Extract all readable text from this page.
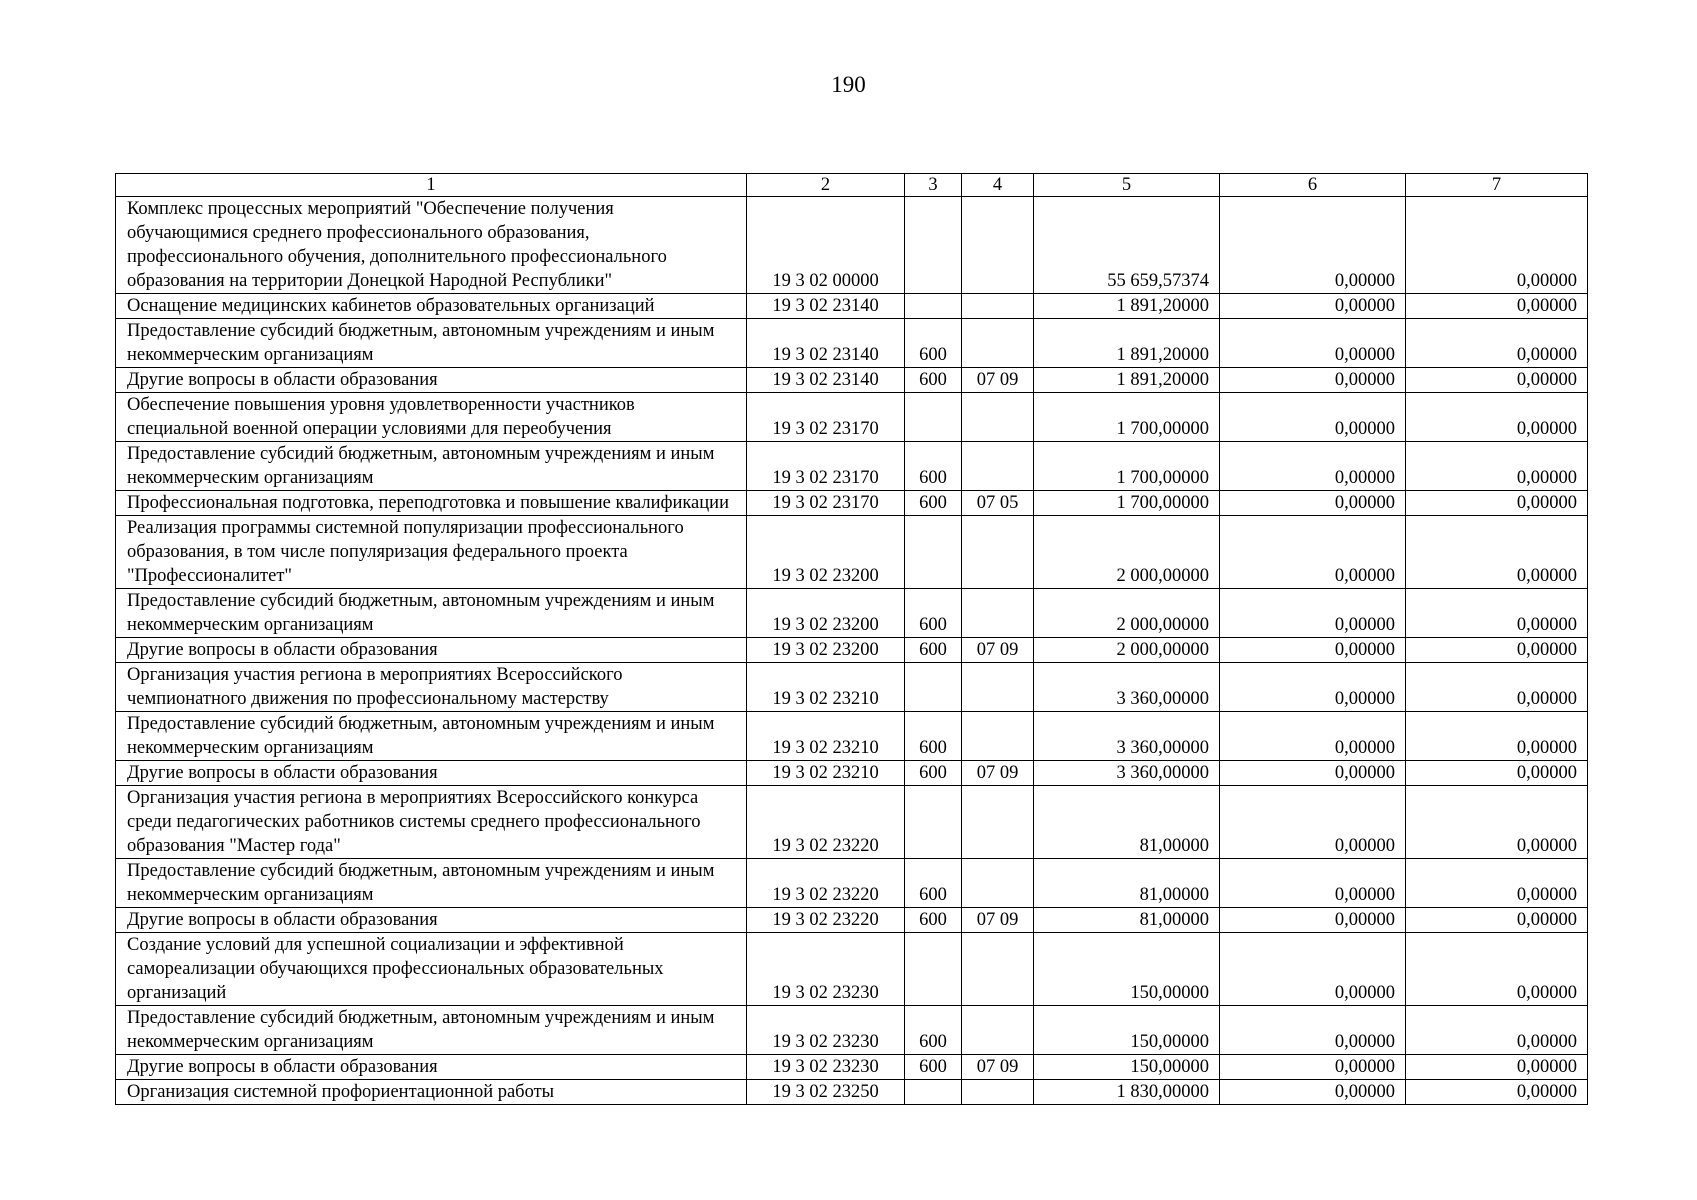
190
1	2	3	4	5	6	7
Комплекс процессных мероприятий "Обеспечение получения обучающимися среднего профессионального образования, профессионального обучения, дополнительного профессионального образования на территории Донецкой Народной Республики"	19 3 02 00000			55 659,57374	0,00000	0,00000
Оснащение медицинских кабинетов образовательных организаций	19 3 02 23140			1 891,20000	0,00000	0,00000
Предоставление субсидий бюджетным, автономным учреждениям и иным некоммерческим организациям	19 3 02 23140	600		1 891,20000	0,00000	0,00000
Другие вопросы в области образования	19 3 02 23140	600	07 09	1 891,20000	0,00000	0,00000
Обеспечение повышения уровня удовлетворенности участников специальной военной операции условиями для переобучения	19 3 02 23170			1 700,00000	0,00000	0,00000
Предоставление субсидий бюджетным, автономным учреждениям и иным некоммерческим организациям	19 3 02 23170	600		1 700,00000	0,00000	0,00000
Профессиональная подготовка, переподготовка и повышение квалификации	19 3 02 23170	600	07 05	1 700,00000	0,00000	0,00000
Реализация программы системной популяризации профессионального образования, в том числе популяризация федерального проекта "Профессионалитет"	19 3 02 23200			2 000,00000	0,00000	0,00000
Предоставление субсидий бюджетным, автономным учреждениям и иным некоммерческим организациям	19 3 02 23200	600		2 000,00000	0,00000	0,00000
Другие вопросы в области образования	19 3 02 23200	600	07 09	2 000,00000	0,00000	0,00000
Организация участия региона в мероприятиях Всероссийского чемпионатного движения по профессиональному мастерству	19 3 02 23210			3 360,00000	0,00000	0,00000
Предоставление субсидий бюджетным, автономным учреждениям и иным некоммерческим организациям	19 3 02 23210	600		3 360,00000	0,00000	0,00000
Другие вопросы в области образования	19 3 02 23210	600	07 09	3 360,00000	0,00000	0,00000
Организация участия региона в мероприятиях Всероссийского конкурса среди педагогических работников системы среднего профессионального образования "Мастер года"	19 3 02 23220			81,00000	0,00000	0,00000
Предоставление субсидий бюджетным, автономным учреждениям и иным некоммерческим организациям	19 3 02 23220	600		81,00000	0,00000	0,00000
Другие вопросы в области образования	19 3 02 23220	600	07 09	81,00000	0,00000	0,00000
Создание условий для успешной социализации и эффективной самореализации обучающихся профессиональных образовательных организаций	19 3 02 23230			150,00000	0,00000	0,00000
Предоставление субсидий бюджетным, автономным учреждениям и иным некоммерческим организациям	19 3 02 23230	600		150,00000	0,00000	0,00000
Другие вопросы в области образования	19 3 02 23230	600	07 09	150,00000	0,00000	0,00000
Организация системной профориентационной работы	19 3 02 23250			1 830,00000	0,00000	0,00000
